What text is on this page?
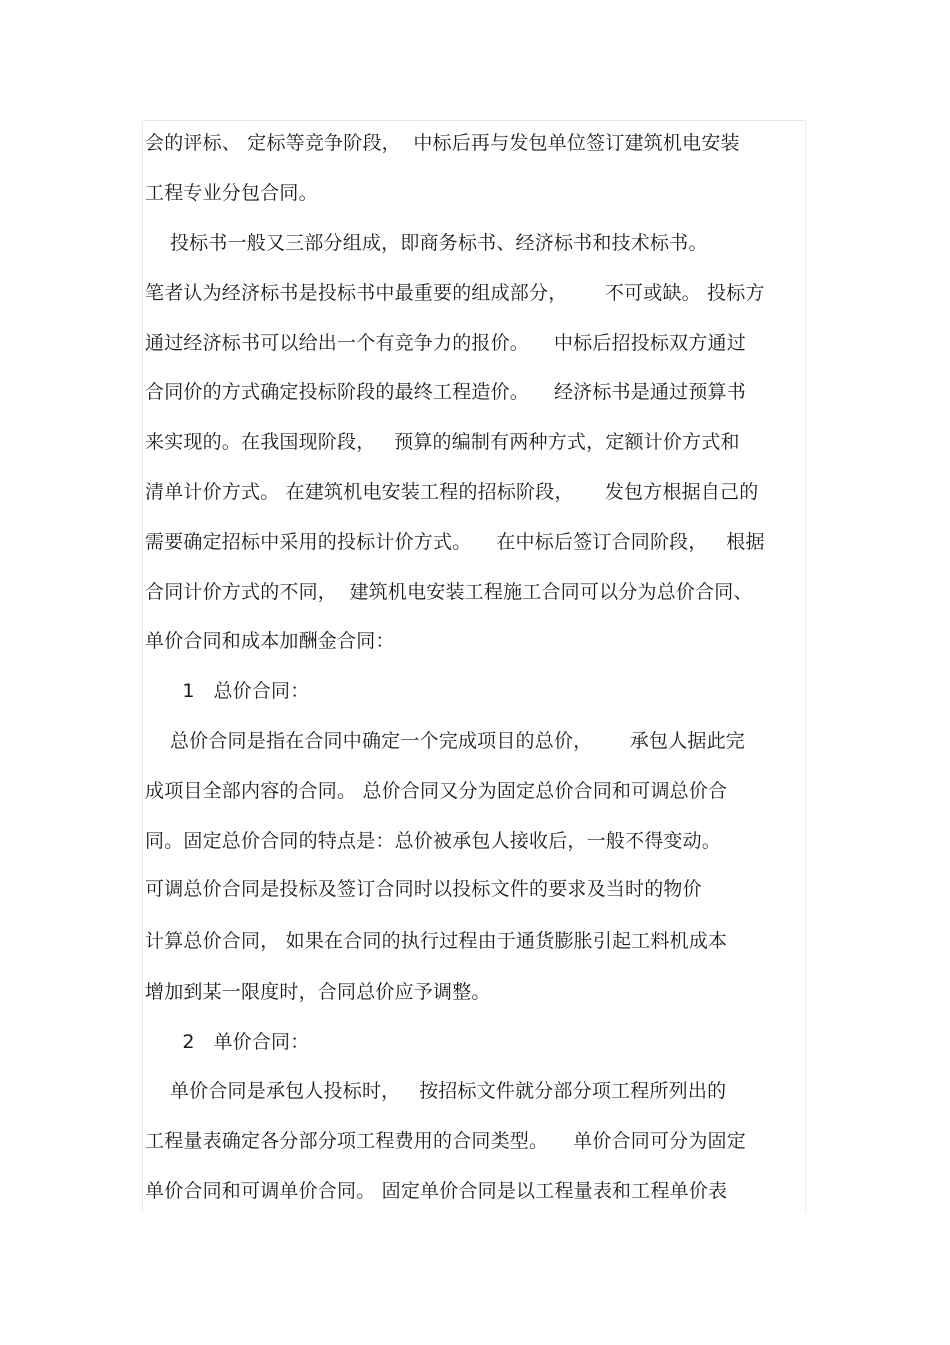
会的评标、 定标等竞争阶段，  中标后再与发包单位签订建筑机电安装
工程专业分包合同。
投标书一般又三部分组成，即商务标书、经济标书和技术标书。
笔者认为经济标书是投标书中最重要的组成部分，      不可或缺。 投标方
通过经济标书可以给出一个有竞争力的报价。    中标后招投标双方通过
合同价的方式确定投标阶段的最终工程造价。    经济标书是通过预算书
来实现的。在我国现阶段，   预算的编制有两种方式，定额计价方式和
清单计价方式。 在建筑机电安装工程的招标阶段，     发包方根据自己的
需要确定招标中采用的投标计价方式。    在中标后签订合同阶段，   根据
合同计价方式的不同，  建筑机电安装工程施工合同可以分为总价合同、
单价合同和成本加酬金合同：
1   总价合同：
总价合同是指在合同中确定一个完成项目的总价，      承包人据此完
成项目全部内容的合同。 总价合同又分为固定总价合同和可调总价合
同。固定总价合同的特点是：总价被承包人接收后，一般不得变动。
可调总价合同是投标及签订合同时以投标文件的要求及当时的物价
计算总价合同， 如果在合同的执行过程由于通货膨胀引起工料机成本
增加到某一限度时，合同总价应予调整。
2   单价合同：
单价合同是承包人投标时，   按招标文件就分部分项工程所列出的
工程量表确定各分部分项工程费用的合同类型。    单价合同可分为固定
单价合同和可调单价合同。 固定单价合同是以工程量表和工程单价表
